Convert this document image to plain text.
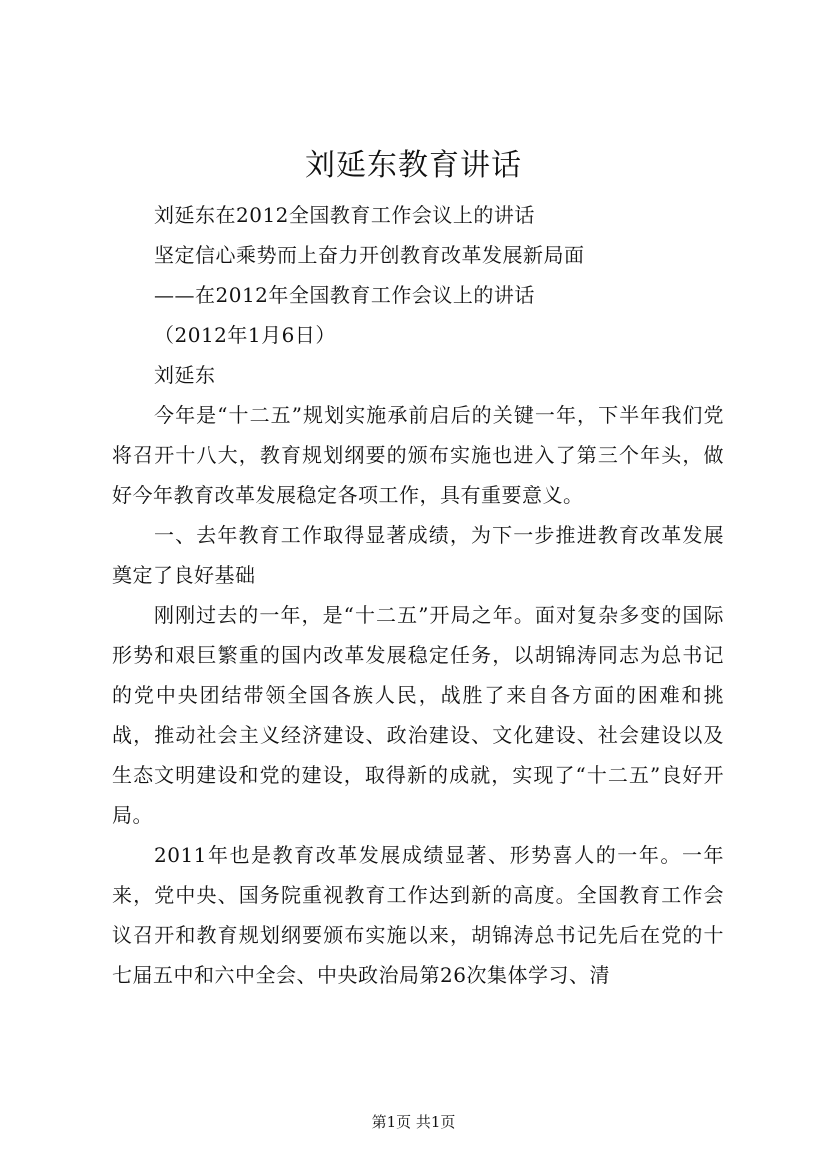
刘延东教育讲话

刘延东在2012全国教育工作会议上的讲话

坚定信心乘势而上奋力开创教育改革发展新局面

——在2012年全国教育工作会议上的讲话

（2012年1月6日）

刘延东

今年是“十二五”规划实施承前启后的关键一年，下半年我们党将召开十八大，教育规划纲要的颁布实施也进入了第三个年头，做好今年教育改革发展稳定各项工作，具有重要意义。

一、去年教育工作取得显著成绩，为下一步推进教育改革发展奠定了良好基础

刚刚过去的一年，是“十二五”开局之年。面对复杂多变的国际形势和艰巨繁重的国内改革发展稳定任务，以胡锦涛同志为总书记的党中央团结带领全国各族人民，战胜了来自各方面的困难和挑战，推动社会主义经济建设、政治建设、文化建设、社会建设以及生态文明建设和党的建设，取得新的成就，实现了“十二五”良好开局。

2011年也是教育改革发展成绩显著、形势喜人的一年。一年来，党中央、国务院重视教育工作达到新的高度。全国教育工作会议召开和教育规划纲要颁布实施以来，胡锦涛总书记先后在党的十七届五中和六中全会、中央政治局第26次集体学习、清

第1页 共1页
